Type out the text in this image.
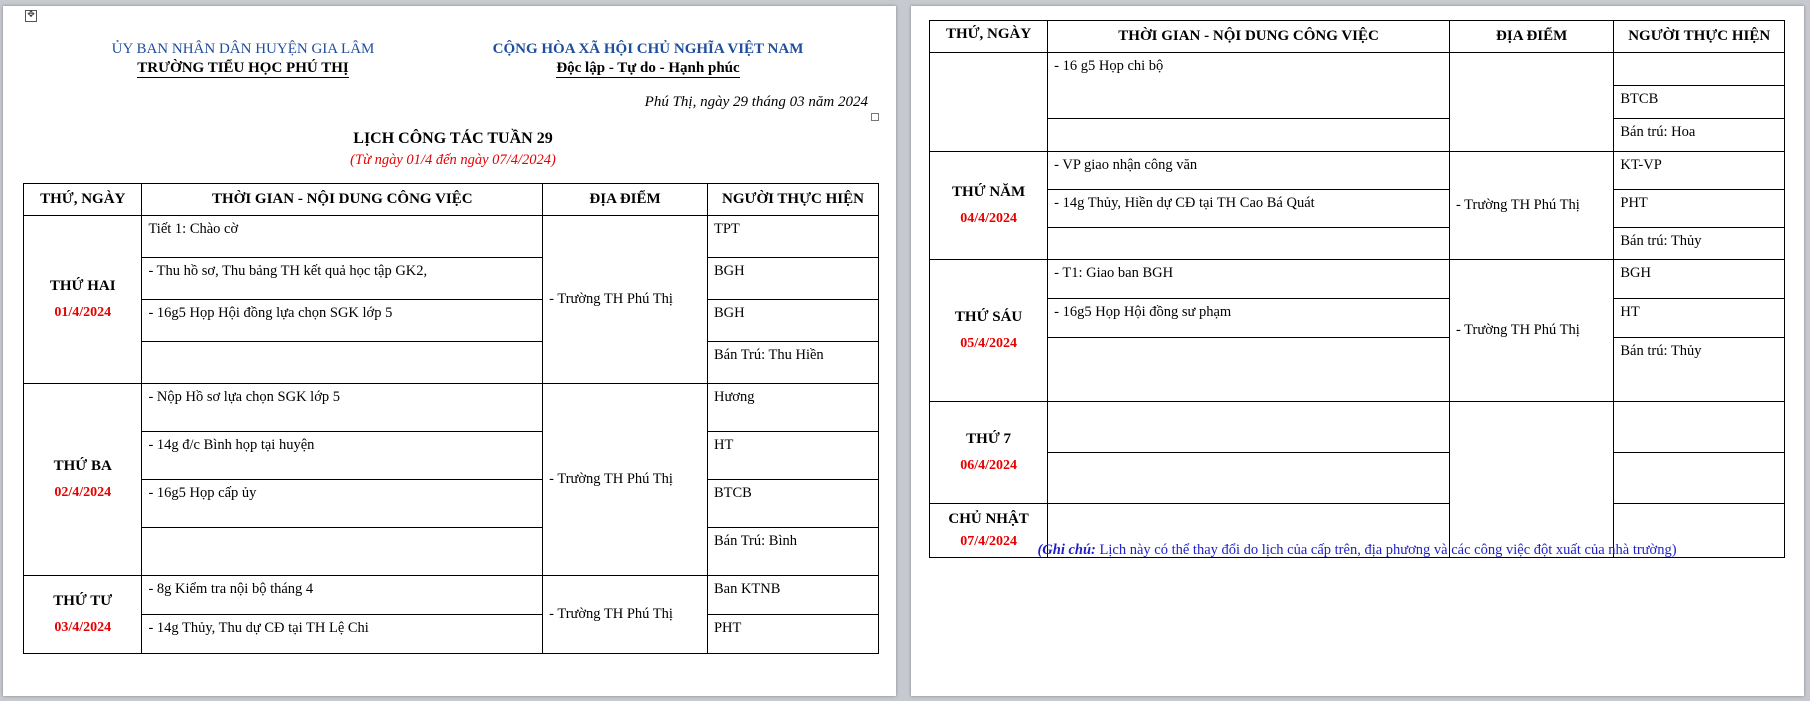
✥
ỦY BAN NHÂN DÂN HUYỆN GIA LÂM
TRƯỜNG TIỂU HỌC PHÚ THỊ
CỘNG HÒA XÃ HỘI CHỦ NGHĨA VIỆT NAM
Độc lập - Tự do - Hạnh phúc
Phú Thị, ngày 29 tháng 03 năm 2024
LỊCH CÔNG TÁC TUẦN 29
(Từ ngày 01/4 đến ngày 07/4/2024)
THỨ, NGÀY	THỜI GIAN - NỘI DUNG CÔNG VIỆC	ĐỊA ĐIỂM	NGƯỜI THỰC HIỆN

THỨ HAI
01/4/2024	Tiết 1: Chào cờ	- Trường TH Phú Thị	TPT
	- Thu hồ sơ, Thu bảng TH kết quả học tập GK2,		BGH
	- 16g5 Họp Hội đồng lựa chọn SGK lớp 5		BGH
			Bán Trú: Thu Hiền

THỨ BA
02/4/2024	- Nộp Hồ sơ lựa chọn SGK lớp 5	- Trường TH Phú Thị	Hương
	- 14g đ/c Bình họp tại huyện		HT
	- 16g5 Họp cấp ủy		BTCB
			Bán Trú: Bình

THỨ TƯ
03/4/2024	- 8g Kiểm tra nội bộ tháng 4	- Trường TH Phú Thị	Ban KTNB
	- 14g Thủy, Thu dự CĐ tại TH Lệ Chi		PHT
THỨ, NGÀY	THỜI GIAN - NỘI DUNG CÔNG VIỆC	ĐỊA ĐIỂM	NGƯỜI THỰC HIỆN
	- 16 g5 Họp chi bộ		
			BTCB
			Bán trú: Hoa

THỨ NĂM
04/4/2024	- VP giao nhận công văn	- Trường TH Phú Thị	KT-VP
	- 14g Thủy, Hiền dự CĐ tại TH Cao Bá Quát		PHT
			Bán trú: Thủy

THỨ SÁU
05/4/2024	- T1: Giao ban BGH	- Trường TH Phú Thị	BGH
	- 16g5 Họp Hội đồng sư phạm		HT
			Bán trú: Thủy

THỨ 7
06/4/2024			

CHỦ NHẬT
07/4/2024			

(Ghi chú: Lịch này có thể thay đổi do lịch của cấp trên, địa phương và các công việc đột xuất của nhà trường)
